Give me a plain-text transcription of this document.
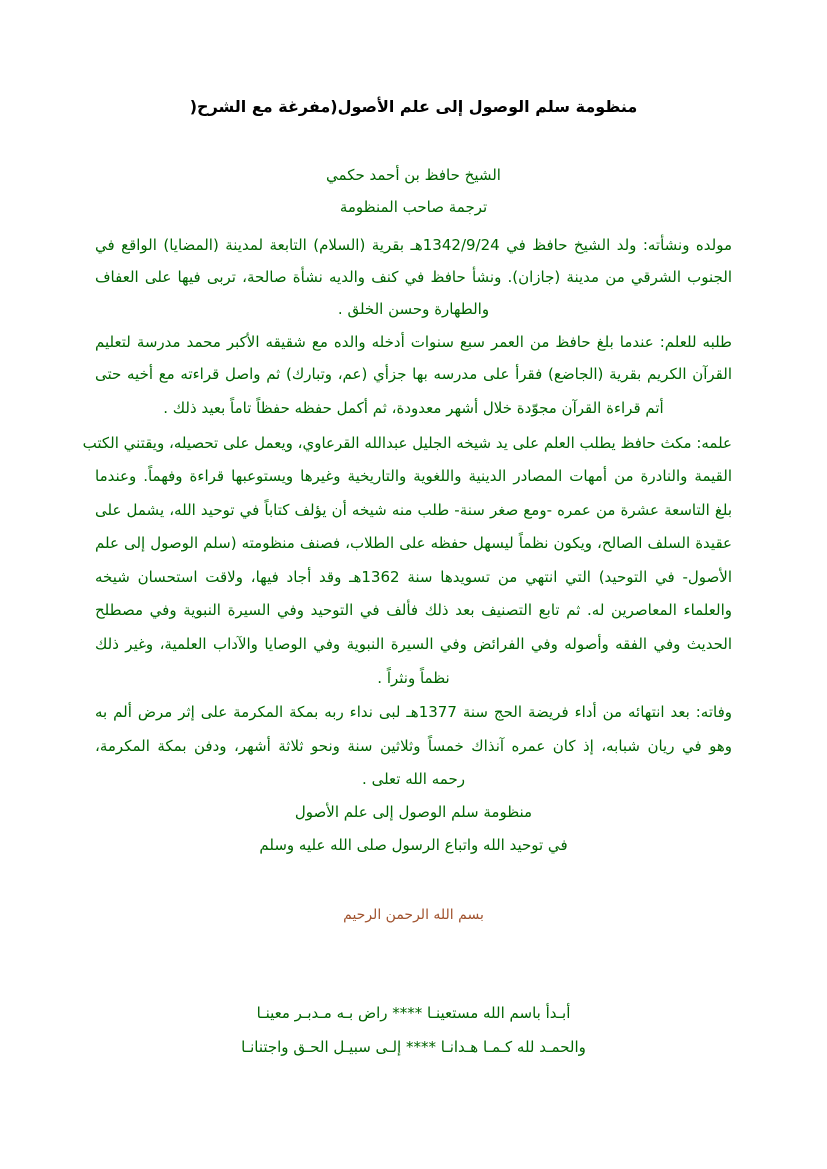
منظومة سلم الوصول إلى علم الأصول(مفرغة مع الشرح(
الشيخ حافظ بن أحمد حكمي
ترجمة صاحب المنظومة
مولده ونشأته: ولد الشيخ حافظ في 1342/9/24هـ بقرية (السلام) التابعة لمدينة (المضايا) الواقع في
الجنوب الشرقي من مدينة (جازان). ونشأ حافظ في كنف والديه نشأة صالحة، تربى فيها على العفاف
والطهارة وحسن الخلق .
طلبه للعلم: عندما بلغ حافظ من العمر سبع سنوات أدخله والده مع شقيقه الأكبر محمد مدرسة لتعليم
القرآن الكريم بقرية (الجاضع) فقرأ على مدرسه بها جزأي (عم، وتبارك) ثم واصل قراءته مع أخيه حتى
أتم قراءة القرآن مجوّدة خلال أشهر معدودة، ثم أكمل حفظه حفظاً تاماً بعيد ذلك .
علمه: مكث حافظ يطلب العلم على يد شيخه الجليل عبدالله القرعاوي، ويعمل على تحصيله، ويقتني الكتب
القيمة والنادرة من أمهات المصادر الدينية واللغوية والتاريخية وغيرها ويستوعبها قراءة وفهماً. وعندما
بلغ التاسعة عشرة من عمره -ومع صغر سنة- طلب منه شيخه أن يؤلف كتاباً في توحيد الله، يشمل على
عقيدة السلف الصالح، ويكون نظماً ليسهل حفظه على الطلاب، فصنف منظومته (سلم الوصول إلى علم
الأصول- في التوحيد) التي انتهي من تسويدها سنة 1362هـ وقد أجاد فيها، ولاقت استحسان شيخه
والعلماء المعاصرين له. ثم تابع التصنيف بعد ذلك فألف في التوحيد وفي السيرة النبوية وفي مصطلح
الحديث وفي الفقه وأصوله وفي الفرائض وفي السيرة النبوية وفي الوصايا والآداب العلمية، وغير ذلك
نظماً ونثراً .
وفاته: بعد انتهائه من أداء فريضة الحج سنة 1377هـ لبى نداء ربه بمكة المكرمة على إثر مرض ألم به
وهو في ريان شبابه، إذ كان عمره آنذاك خمساً وثلاثين سنة ونحو ثلاثة أشهر، ودفن بمكة المكرمة،
رحمه الله تعلى .
منظومة سلم الوصول إلى علم الأصول
في توحيد الله واتباع الرسول صلى الله عليه وسلم
بسم الله الرحمن الرحيم
أبـدأ باسم الله مستعينـا **** راض بـه مـدبـر معينـا
والحمـد لله كـمـا هـدانـا **** إلـى سبيـل الحـق واجتنانـا
